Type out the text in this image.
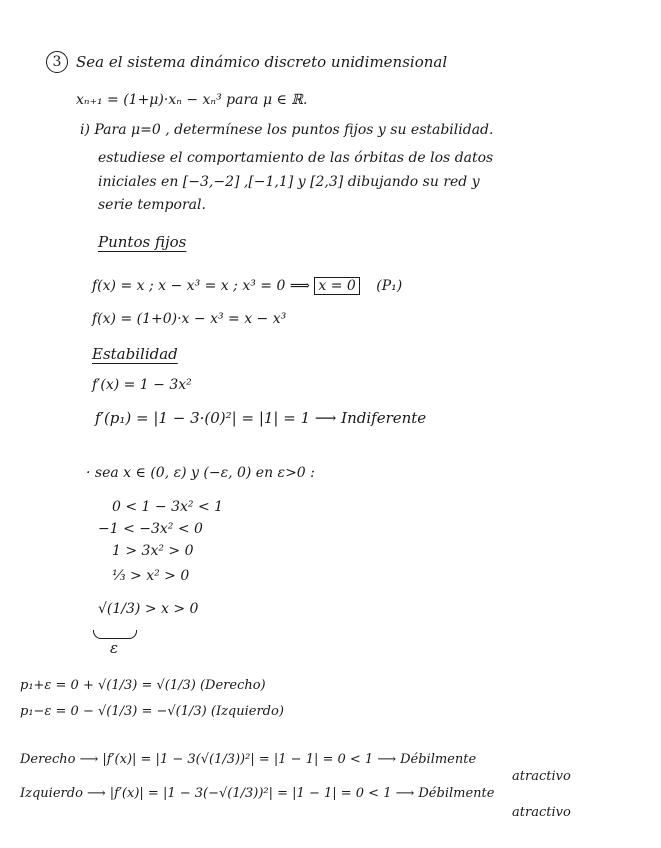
3 Sea el sistema dinámico discreto unidimensional
xₙ₊₁ = (1+μ)·xₙ − xₙ³ para μ ∈ ℝ.
i) Para μ=0 , determínese los puntos fijos y su estabilidad.
estudiese el comportamiento de las órbitas de los datos
iniciales en [−3,−2] ,[−1,1] y [2,3] dibujando su red y
serie temporal.
Puntos fijos
f(x) = x ; x − x³ = x ; x³ = 0 ⟹ x = 0 (P₁)
f(x) = (1+0)·x − x³ = x − x³
Estabilidad
f′(x) = 1 − 3x²
f′(p₁) = |1 − 3·(0)²| = |1| = 1 ⟶ Indiferente
· sea x ∈ (0, ε) y (−ε, 0) en ε>0 :
0 < 1 − 3x² < 1
−1 < −3x² < 0
1 > 3x² > 0
⅓ > x² > 0
√(1/3) > x > 0
ε
p₁+ε = 0 + √(1/3) = √(1/3) (Derecho)
p₁−ε = 0 − √(1/3) = −√(1/3) (Izquierdo)
Derecho ⟶ |f′(x)| = |1 − 3(√(1/3))²| = |1 − 1| = 0 < 1 ⟶ Débilmente
atractivo
Izquierdo ⟶ |f′(x)| = |1 − 3(−√(1/3))²| = |1 − 1| = 0 < 1 ⟶ Débilmente
atractivo
